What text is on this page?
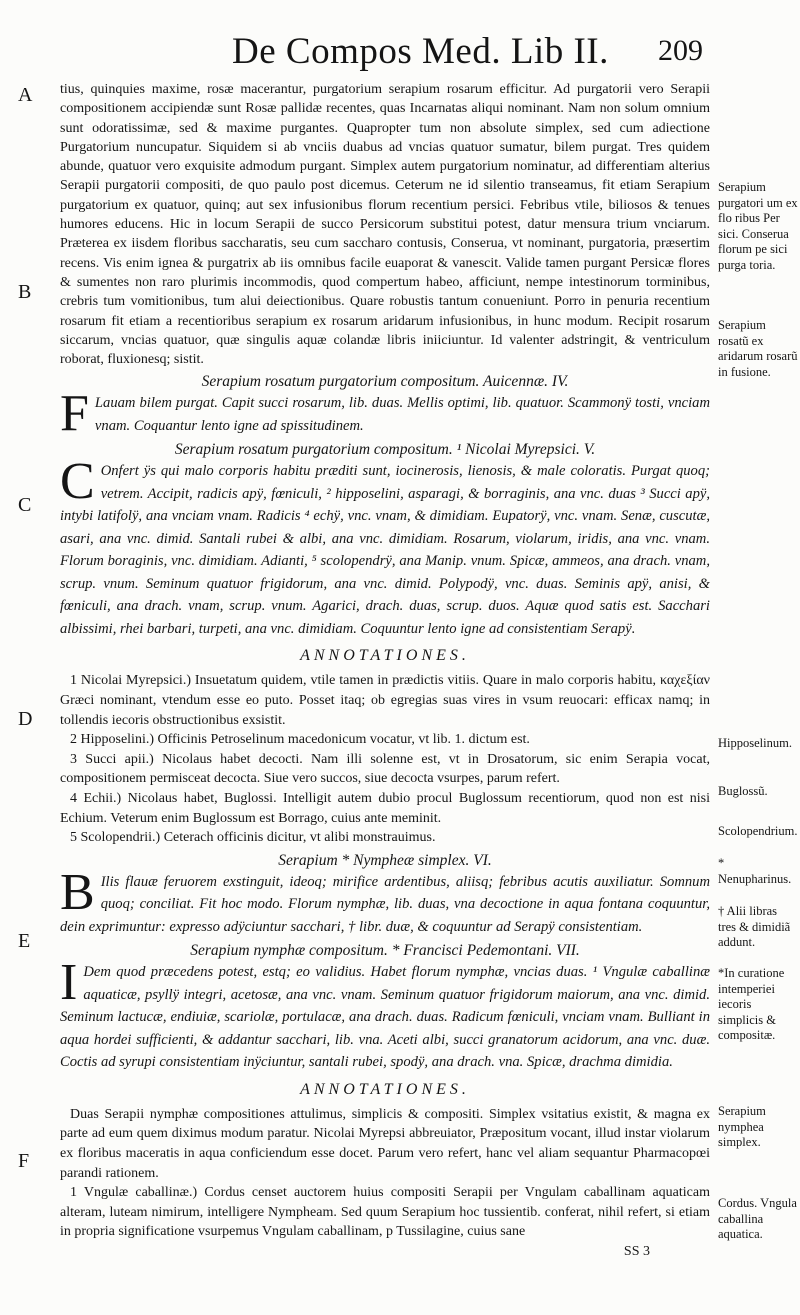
De Compos Med. Lib II. 209
A
B
C
D
E
F

tius, quinquies maxime, rosæ macerantur, purgatorium serapium rosarum efficitur. Ad purgatorii vero Serapii compositionem accipiendæ sunt Rosæ pallidæ recentes, quas Incarnatas aliqui nominant. Nam non solum omnium sunt odoratissimæ, sed & maxime purgantes. Quapropter tum non absolute simplex, sed cum adiectione Purgatorium nuncupatur. Siquidem si ab vnciis duabus ad vncias quatuor sumatur, bilem purgat. Tres quidem abunde, quatuor vero exquisite admodum purgant. Simplex autem purgatorium nominatur, ad differentiam alterius Serapii purgatorii compositi, de quo paulo post dicemus. Ceterum ne id silentio transeamus, fit etiam Serapium purgatorium ex quatuor, quinq; aut sex infusionibus florum recentium persici. Febribus vtile, biliosos & tenues humores educens. Hic in locum Serapii de succo Persicorum substitui potest, datur mensura trium vnciarum. Præterea ex iisdem floribus saccharatis, seu cum saccharo contusis, Conserua, vt nominant, purgatoria, præsertim recens. Vis enim ignea & purgatrix ab iis omnibus facile euaporat & vanescit. Valide tamen purgant Persicæ flores & sumentes non raro plurimis incommodis, quod compertum habeo, afficiunt, nempe intestinorum torminibus, crebris tum vomitionibus, tum alui deiectionibus. Quare robustis tantum conueniunt. Porro in penuria recentium rosarum fit etiam a recentioribus serapium ex rosarum aridarum infusionibus, in hunc modum. Recipit rosarum siccarum, vncias quatuor, quæ singulis aquæ colandæ libris iniiciuntur. Id valenter adstringit, & ventriculum roborat, fluxionesq; sistit.

Serapium rosatum purgatorium compositum. Auicennæ. IV.

F Lauam bilem purgat. Capit succi rosarum, lib. duas. Mellis optimi, lib. quatuor. Scammonÿ tosti, vnciam vnam. Coquantur lento igne ad spissitudinem.

Serapium rosatum purgatorium compositum. ¹ Nicolai Myrepsici. V.

C Onfert ÿs qui malo corporis habitu præditi sunt, iocinerosis, lienosis, & male coloratis. Purgat quoq; vetrem. Accipit, radicis apÿ, fœniculi, ² hipposelini, asparagi, & borraginis, ana vnc. duas ³ Succi apÿ, intybi latifolÿ, ana vnciam vnam. Radicis ⁴ echÿ, vnc. vnam, & dimidiam. Eupatorÿ, vnc. vnam. Senæ, cuscutæ, asari, ana vnc. dimid. Santali rubei & albi, ana vnc. dimidiam. Rosarum, violarum, iridis, ana vnc. vnam. Florum boraginis, vnc. dimidiam. Adianti, ⁵ scolopendrÿ, ana Manip. vnum. Spicæ, ammeos, ana drach. vnam, scrup. vnum. Seminum quatuor frigidorum, ana vnc. dimid. Polypodÿ, vnc. duas. Seminis apÿ, anisi, & fœniculi, ana drach. vnam, scrup. vnum. Agarici, drach. duas, scrup. duos. Aquæ quod satis est. Sacchari albissimi, rhei barbari, turpeti, ana vnc. dimidiam. Coquuntur lento igne ad consistentiam Serapÿ.

ANNOTATIONES.

1 Nicolai Myrepsici.) Insuetatum quidem, vtile tamen in prædictis vitiis. Quare in malo corporis habitu, καχεξίαν Græci nominant, vtendum esse eo puto. Posset itaq; ob egregias suas vires in vsum reuocari: efficax namq; in tollendis iecoris obstructionibus exsistit.

2 Hipposelini.) Officinis Petroselinum macedonicum vocatur, vt lib. 1. dictum est.

3 Succi apii.) Nicolaus habet decocti. Nam illi solenne est, vt in Drosatorum, sic enim Serapia vocat, compositionem permisceat decocta. Siue vero succos, siue decocta vsurpes, parum refert.

4 Echii.) Nicolaus habet, Buglossi. Intelligit autem dubio procul Buglossum recentiorum, quod non est nisi Echium. Veterum enim Buglossum est Borrago, cuius ante meminit.

5 Scolopendrii.) Ceterach officinis dicitur, vt alibi monstrauimus.

Serapium * Nympheæ simplex. VI.

B Ilis flauæ feruorem exstinguit, ideoq; mirifice ardentibus, aliisq; febribus acutis auxiliatur. Somnum quoq; conciliat. Fit hoc modo. Florum nymphæ, lib. duas, vna decoctione in aqua fontana coquuntur, dein exprimuntur: expresso adÿciuntur sacchari, † libr. duæ, & coquuntur ad Serapÿ consistentiam.

Serapium nymphæ compositum. * Francisci Pedemontani. VII.

I Dem quod præcedens potest, estq; eo validius. Habet florum nymphæ, vncias duas. ¹ Vngulæ caballinæ aquaticæ, psyllÿ integri, acetosæ, ana vnc. vnam. Seminum quatuor frigidorum maiorum, ana vnc. dimid. Seminum lactucæ, endiuiæ, scariolæ, portulacæ, ana drach. duas. Radicum fœniculi, vnciam vnam. Bulliant in aqua hordei sufficienti, & addantur sacchari, lib. vna. Aceti albi, succi granatorum acidorum, ana vnc. duæ. Coctis ad syrupi consistentiam inÿciuntur, santali rubei, spodÿ, ana drach. vna. Spicæ, drachma dimidia.

ANNOTATIONES.

Duas Serapii nymphæ compositiones attulimus, simplicis & compositi. Simplex vsitatius existit, & magna ex parte ad eum quem diximus modum paratur. Nicolai Myrepsi abbreuiator, Præpositum vocant, illud instar violarum ex floribus maceratis in aqua conficiendum esse docet. Parum vero refert, hanc vel aliam sequantur Pharmacopœi parandi rationem.

1 Vngulæ caballinæ.) Cordus censet auctorem huius compositi Serapii per Vngulam caballinam aquaticam alteram, luteam nimirum, intelligere Nympheam. Sed quum Serapium hoc tussientib. conferat, nihil refert, si etiam in propria significatione vsurpemus Vngulam caballinam, p Tussilagine, cuius sane

SS 3
Serapium purgatori um ex flo ribus Per sici. Conserua florum pe sici purga toria.
Serapium rosatũ ex aridarum rosarũ in fusione.
Hipposelinum.
Buglossũ.
Scolopendrium.
* Nenupharinus.
† Alii libras tres & dimidiã addunt.
*In curatione intemperiei iecoris simplicis & compositæ.
Serapium nymphea simplex.
Cordus. Vngula caballina aquatica.
